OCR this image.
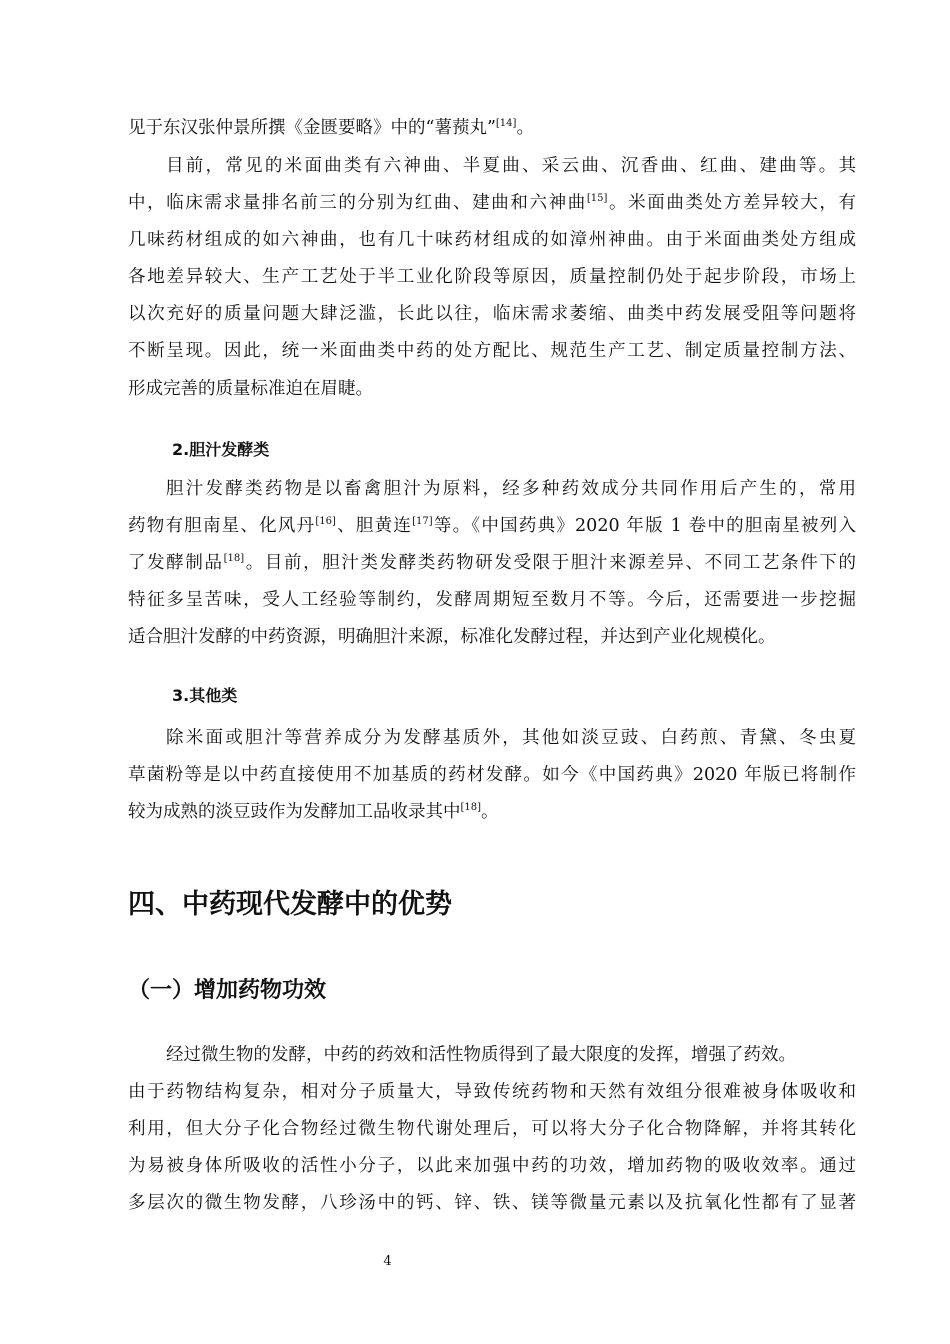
见于东汉张仲景所撰《金匮要略》中的“薯蓣丸”[14]。
目前，常见的米面曲类有六神曲、半夏曲、采云曲、沉香曲、红曲、建曲等。其
中，临床需求量排名前三的分别为红曲、建曲和六神曲[15]。米面曲类处方差异较大，有
几味药材组成的如六神曲，也有几十味药材组成的如漳州神曲。由于米面曲类处方组成
各地差异较大、生产工艺处于半工业化阶段等原因，质量控制仍处于起步阶段，市场上
以次充好的质量问题大肆泛滥，长此以往，临床需求萎缩、曲类中药发展受阻等问题将
不断呈现。因此，统一米面曲类中药的处方配比、规范生产工艺、制定质量控制方法、
形成完善的质量标准迫在眉睫。
2.胆汁发酵类
胆汁发酵类药物是以畜禽胆汁为原料，经多种药效成分共同作用后产生的，常用
药物有胆南星、化风丹[16]、胆黄连[17]等。《中国药典》2020 年版 1 卷中的胆南星被列入
了发酵制品[18]。目前，胆汁类发酵类药物研发受限于胆汁来源差异、不同工艺条件下的
特征多呈苦味，受人工经验等制约，发酵周期短至数月不等。今后，还需要进一步挖掘
适合胆汁发酵的中药资源，明确胆汁来源，标准化发酵过程，并达到产业化规模化。
3.其他类
除米面或胆汁等营养成分为发酵基质外，其他如淡豆豉、白药煎、青黛、冬虫夏
草菌粉等是以中药直接使用不加基质的药材发酵。如今《中国药典》2020 年版已将制作
较为成熟的淡豆豉作为发酵加工品收录其中[18]。
四、中药现代发酵中的优势
（一）增加药物功效
经过微生物的发酵，中药的药效和活性物质得到了最大限度的发挥，增强了药效。
由于药物结构复杂，相对分子质量大，导致传统药物和天然有效组分很难被身体吸收和
利用，但大分子化合物经过微生物代谢处理后，可以将大分子化合物降解，并将其转化
为易被身体所吸收的活性小分子，以此来加强中药的功效，增加药物的吸收效率。通过
多层次的微生物发酵，八珍汤中的钙、锌、铁、镁等微量元素以及抗氧化性都有了显著
4
